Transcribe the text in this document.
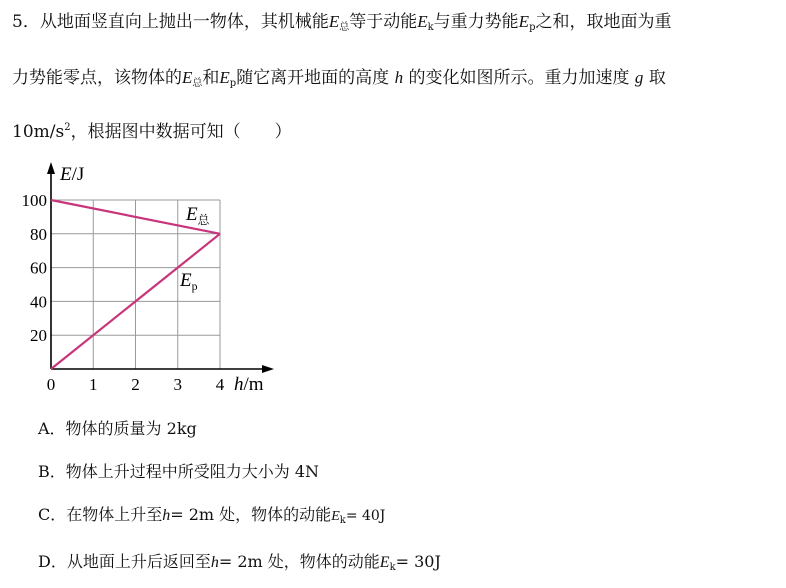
5．从地面竖直向上抛出一物体，其机械能$E_总$等于动能$E_k$与重力势能$E_p$之和，取地面为重
力势能零点，该物体的$E_总$和$E_p$随它离开地面的高度 h 的变化如图所示。重力加速度 g 取
$10m/s^2$，根据图中数据可知（　　）
20
40
60
80
100
0 1 2 3 4
$E_总$
$E_p$
E/J
h/m
A．物体的质量为 2kg
B．物体上升过程中所受阻力大小为 4N
C．在物体上升至h= 2m 处，物体的动能$E_k= 40J$
D．从地面上升后返回至h= 2m 处，物体的动能$E_k= 30J$
